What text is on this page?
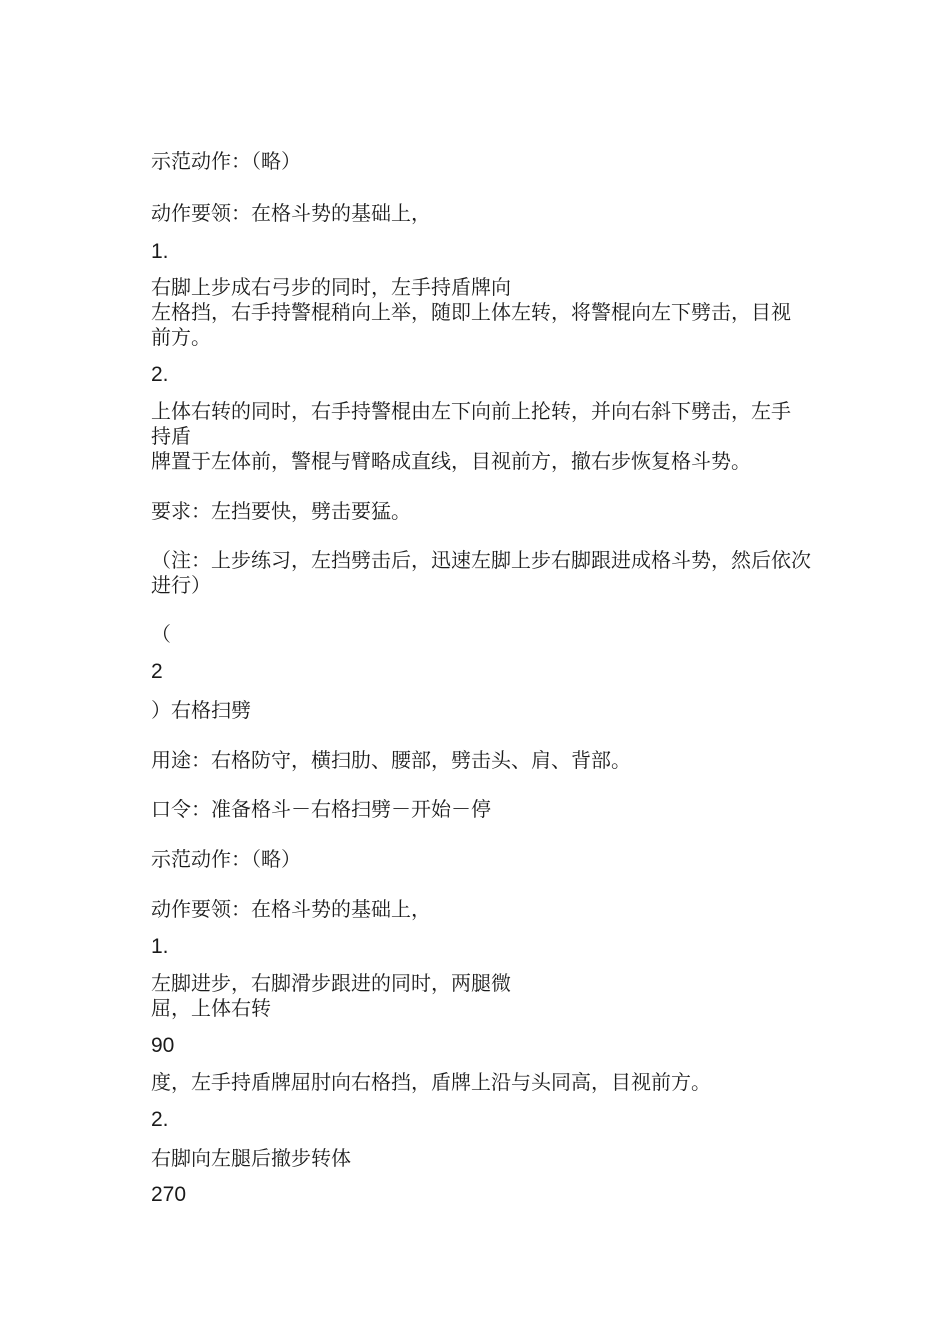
示范动作：（略）
动作要领：在格斗势的基础上，
1.
右脚上步成右弓步的同时，左手持盾牌向
左格挡，右手持警棍稍向上举，随即上体左转，将警棍向左下劈击，目视
前方。
2.
上体右转的同时，右手持警棍由左下向前上抡转，并向右斜下劈击，左手
持盾
牌置于左体前，警棍与臂略成直线，目视前方，撤右步恢复格斗势。
要求：左挡要快，劈击要猛。
（注：上步练习，左挡劈击后，迅速左脚上步右脚跟进成格斗势，然后依次
进行）
（
2
）右格扫劈
用途：右格防守，横扫肋、腰部，劈击头、肩、背部。
口令：准备格斗－右格扫劈－开始－停
示范动作：（略）
动作要领：在格斗势的基础上，
1.
左脚进步，右脚滑步跟进的同时，两腿微
屈，上体右转
90
度，左手持盾牌屈肘向右格挡，盾牌上沿与头同高，目视前方。
2.
右脚向左腿后撤步转体
270
